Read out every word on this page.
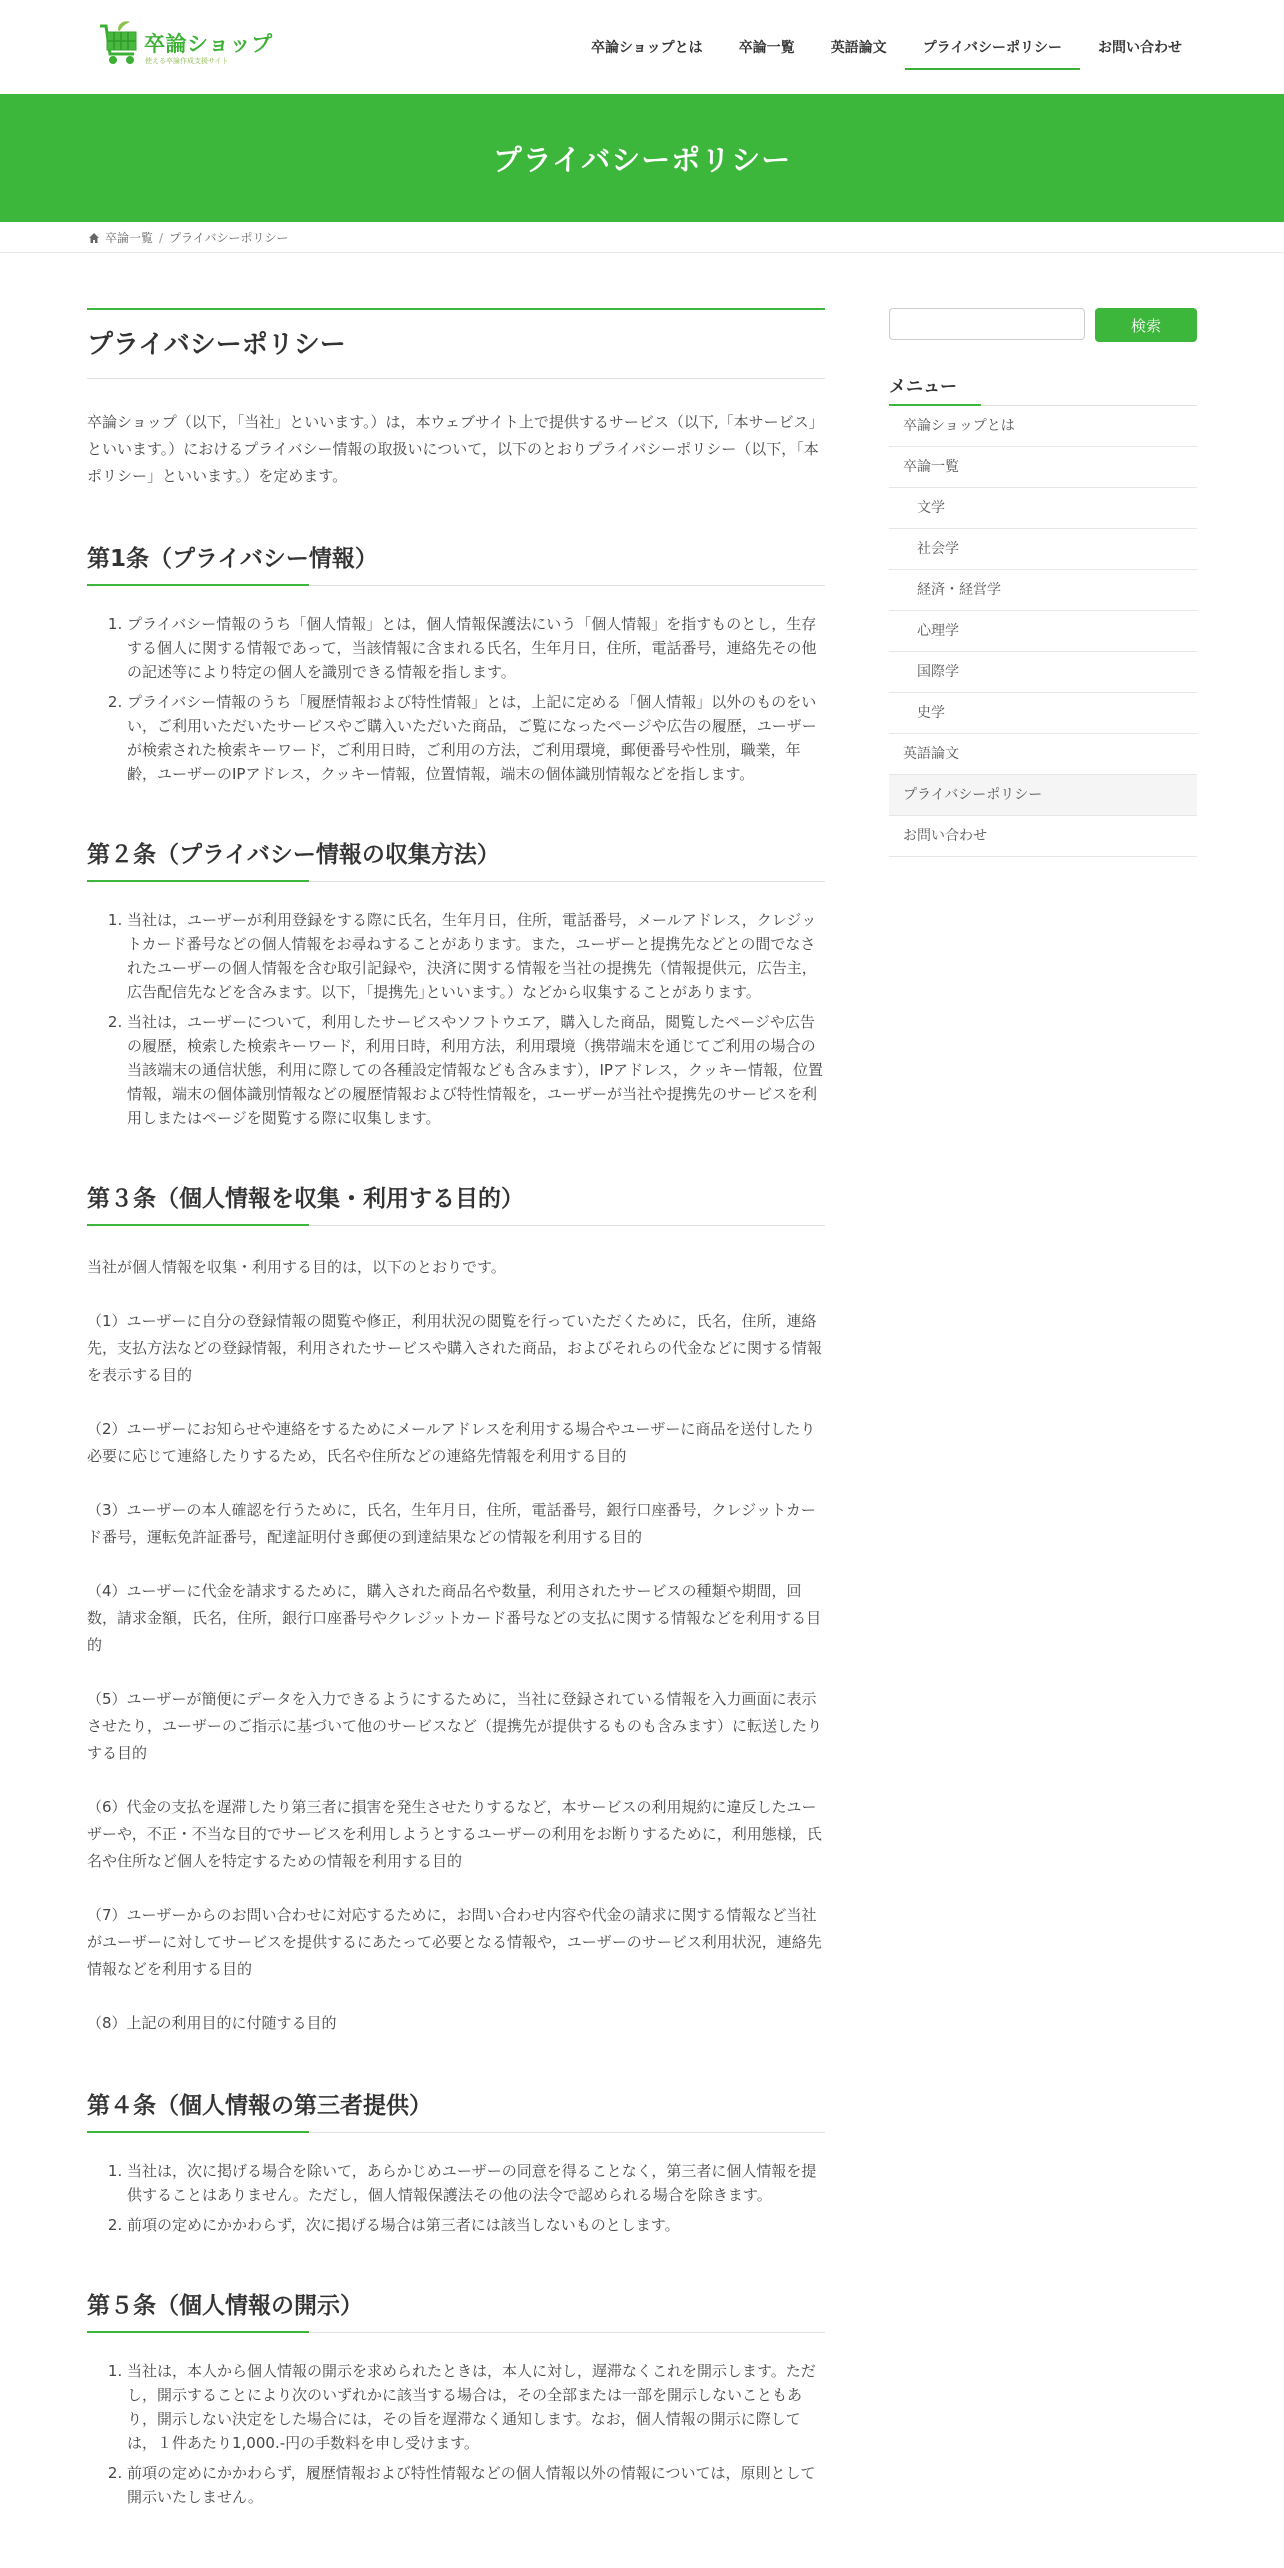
卒論ショップ
使える卒論作成支援サイト
卒論ショップとは	卒論一覧	英語論文	プライバシーポリシー	お問い合わせ
プライバシーポリシー
卒論一覧 / プライバシーポリシー
プライバシーポリシー

卒論ショップ（以下，「当社」といいます。）は，本ウェブサイト上で提供するサービス（以下,「本サービス」といいます。）におけるプライバシー情報の取扱いについて，以下のとおりプライバシーポリシー（以下，「本ポリシー」といいます。）を定めます。

第1条（プライバシー情報）
1. プライバシー情報のうち「個人情報」とは，個人情報保護法にいう「個人情報」を指すものとし，生存する個人に関する情報であって，当該情報に含まれる氏名，生年月日，住所，電話番号，連絡先その他の記述等により特定の個人を識別できる情報を指します。
2. プライバシー情報のうち「履歴情報および特性情報」とは，上記に定める「個人情報」以外のものをいい，ご利用いただいたサービスやご購入いただいた商品，ご覧になったページや広告の履歴，ユーザーが検索された検索キーワード，ご利用日時，ご利用の方法，ご利用環境，郵便番号や性別，職業，年齢，ユーザーのIPアドレス，クッキー情報，位置情報，端末の個体識別情報などを指します。
第２条（プライバシー情報の収集方法）
1. 当社は，ユーザーが利用登録をする際に氏名，生年月日，住所，電話番号，メールアドレス，クレジットカード番号などの個人情報をお尋ねすることがあります。また，ユーザーと提携先などとの間でなされたユーザーの個人情報を含む取引記録や，決済に関する情報を当社の提携先（情報提供元，広告主，広告配信先などを含みます。以下，｢提携先｣といいます。）などから収集することがあります。
2. 当社は，ユーザーについて，利用したサービスやソフトウエア，購入した商品，閲覧したページや広告の履歴，検索した検索キーワード，利用日時，利用方法，利用環境（携帯端末を通じてご利用の場合の当該端末の通信状態，利用に際しての各種設定情報なども含みます），IPアドレス，クッキー情報，位置情報，端末の個体識別情報などの履歴情報および特性情報を，ユーザーが当社や提携先のサービスを利用しまたはページを閲覧する際に収集します。
第３条（個人情報を収集・利用する目的）

当社が個人情報を収集・利用する目的は，以下のとおりです。

（1）ユーザーに自分の登録情報の閲覧や修正，利用状況の閲覧を行っていただくために，氏名，住所，連絡先，支払方法などの登録情報，利用されたサービスや購入された商品，およびそれらの代金などに関する情報を表示する目的

（2）ユーザーにお知らせや連絡をするためにメールアドレスを利用する場合やユーザーに商品を送付したり必要に応じて連絡したりするため，氏名や住所などの連絡先情報を利用する目的

（3）ユーザーの本人確認を行うために，氏名，生年月日，住所，電話番号，銀行口座番号，クレジットカード番号，運転免許証番号，配達証明付き郵便の到達結果などの情報を利用する目的

（4）ユーザーに代金を請求するために，購入された商品名や数量，利用されたサービスの種類や期間，回数，請求金額，氏名，住所，銀行口座番号やクレジットカード番号などの支払に関する情報などを利用する目的

（5）ユーザーが簡便にデータを入力できるようにするために，当社に登録されている情報を入力画面に表示させたり，ユーザーのご指示に基づいて他のサービスなど（提携先が提供するものも含みます）に転送したりする目的

（6）代金の支払を遅滞したり第三者に損害を発生させたりするなど，本サービスの利用規約に違反したユーザーや，不正・不当な目的でサービスを利用しようとするユーザーの利用をお断りするために，利用態様，氏名や住所など個人を特定するための情報を利用する目的

（7）ユーザーからのお問い合わせに対応するために，お問い合わせ内容や代金の請求に関する情報など当社がユーザーに対してサービスを提供するにあたって必要となる情報や，ユーザーのサービス利用状況，連絡先情報などを利用する目的

（8）上記の利用目的に付随する目的

第４条（個人情報の第三者提供）
1. 当社は，次に掲げる場合を除いて，あらかじめユーザーの同意を得ることなく，第三者に個人情報を提供することはありません。ただし，個人情報保護法その他の法令で認められる場合を除きます。
2. 前項の定めにかかわらず，次に掲げる場合は第三者には該当しないものとします。
第５条（個人情報の開示）
1. 当社は，本人から個人情報の開示を求められたときは，本人に対し，遅滞なくこれを開示します。ただし，開示することにより次のいずれかに該当する場合は，その全部または一部を開示しないこともあり，開示しない決定をした場合には，その旨を遅滞なく通知します。なお，個人情報の開示に際しては，１件あたり1,000.-円の手数料を申し受けます。
2. 前項の定めにかかわらず，履歴情報および特性情報などの個人情報以外の情報については，原則として開示いたしません。
検索
メニュー
卒論ショップとは
卒論一覧
文学
社会学
経済・経営学
心理学
国際学
史学
英語論文
プライバシーポリシー
お問い合わせ
